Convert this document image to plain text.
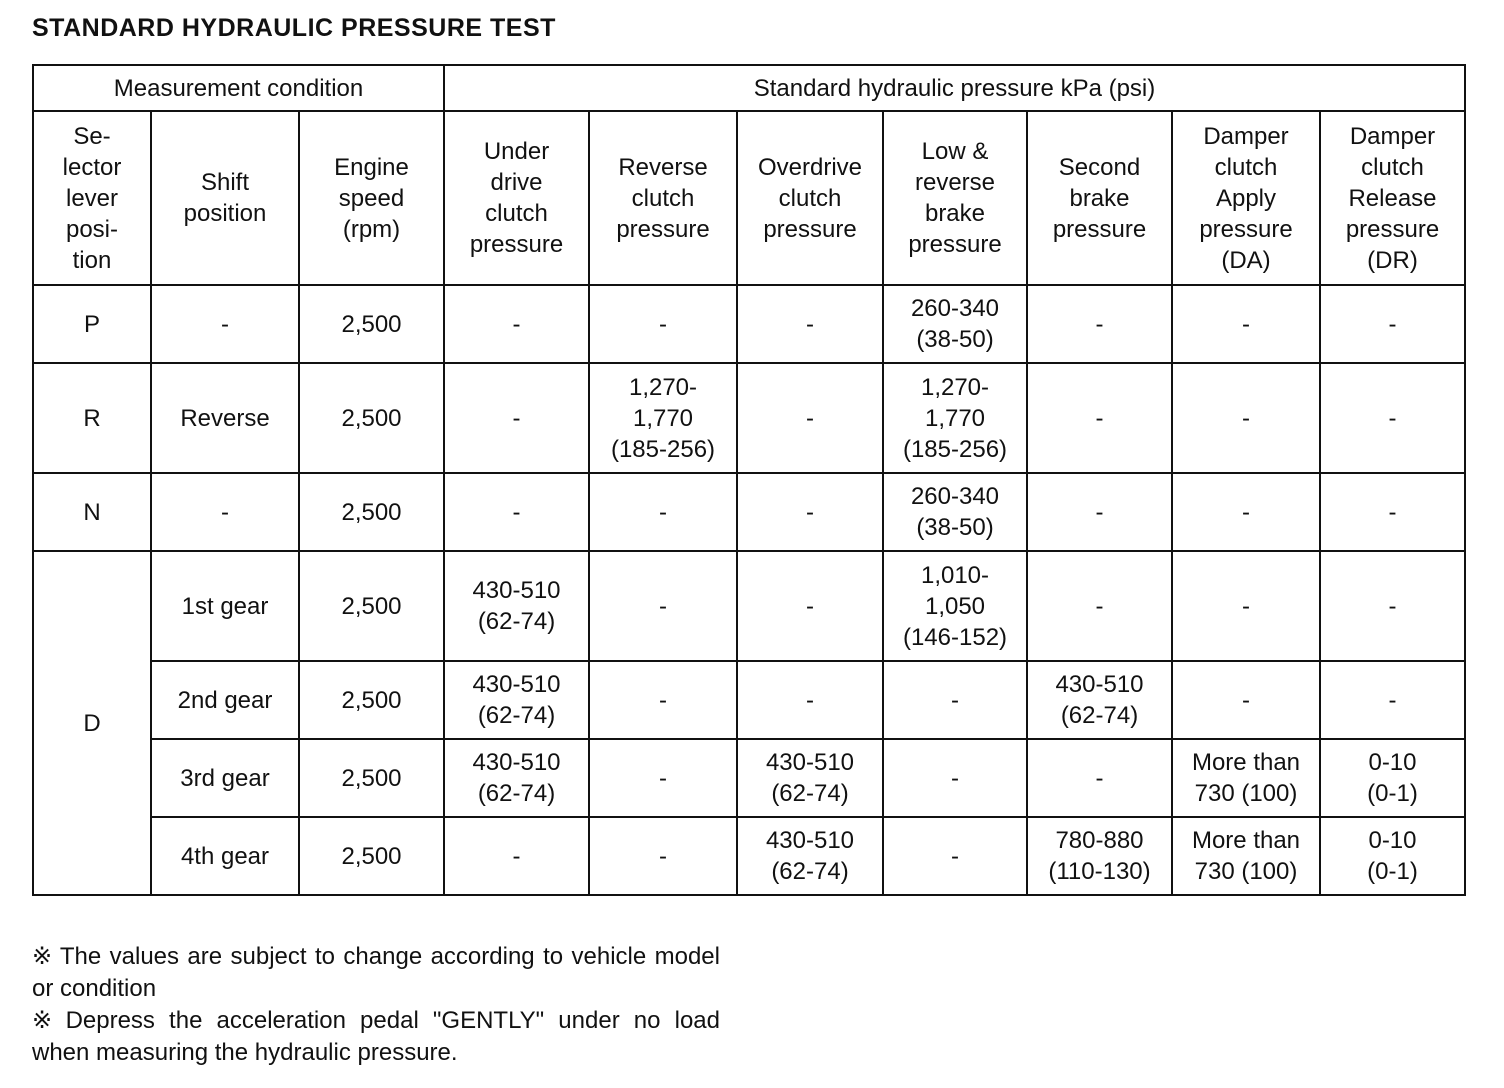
STANDARD HYDRAULIC PRESSURE TEST
Measurement condition			Standard hydraulic pressure kPa (psi)						
Se-
lector
lever
posi-
tion	Shift
position	Engine
speed
(rpm)	Under
drive
clutch
pressure	Reverse
clutch
pressure	Overdrive
clutch
pressure	Low &
reverse
brake
pressure	Second
brake
pressure	Damper
clutch
Apply
pressure
(DA)	Damper
clutch
Release
pressure
(DR)
P	-	2,500	-	-	-	260-340
(38-50)	-	-	-
R	Reverse	2,500	-	1,270-
1,770
(185-256)	-	1,270-
1,770
(185-256)	-	-	-
N	-	2,500	-	-	-	260-340
(38-50)	-	-	-
D	1st gear	2,500	430-510
(62-74)	-	-	1,010-
1,050
(146-152)	-	-	-
	2nd gear	2,500	430-510
(62-74)	-	-	-	430-510
(62-74)	-	-
	3rd gear	2,500	430-510
(62-74)	-	430-510
(62-74)	-	-	More than
730 (100)	0-10
(0-1)
	4th gear	2,500	-	-	430-510
(62-74)	-	780-880
(110-130)	More than
730 (100)	0-10
(0-1)

※ The values are subject to change according to vehicle model or condition

※ Depress the acceleration pedal "GENTLY" under no load when measuring the hydraulic pressure.
